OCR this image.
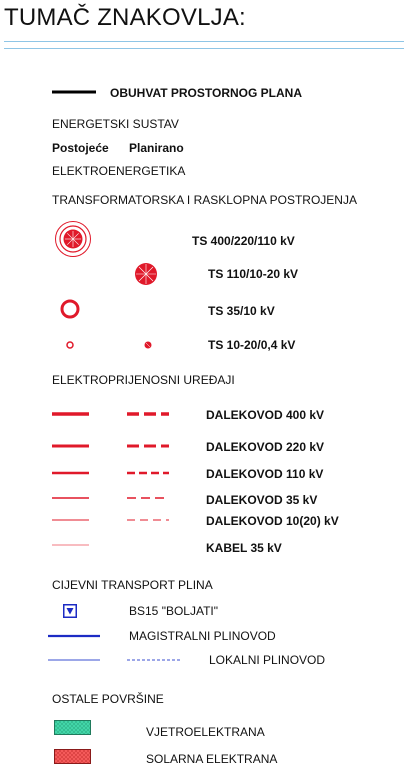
TUMAČ ZNAKOVLJA:
OBUHVAT PROSTORNOG PLANA
ENERGETSKI SUSTAV
Postojeće Planirano
ELEKTROENERGETIKA
TRANSFORMATORSKA I RASKLOPNA POSTROJENJA
TS 400/220/110 kV
TS 110/10-20 kV
TS 35/10 kV
TS 10-20/0,4 kV
ELEKTROPRIJENOSNI UREĐAJI
DALEKOVOD 400 kV
DALEKOVOD 220 kV
DALEKOVOD 110 kV
DALEKOVOD 35 kV
DALEKOVOD 10(20) kV
KABEL 35 kV
CIJEVNI TRANSPORT PLINA
BS15 "BOLJATI"
MAGISTRALNI PLINOVOD
LOKALNI PLINOVOD
OSTALE POVRŠINE
VJETROELEKTRANA
SOLARNA ELEKTRANA
